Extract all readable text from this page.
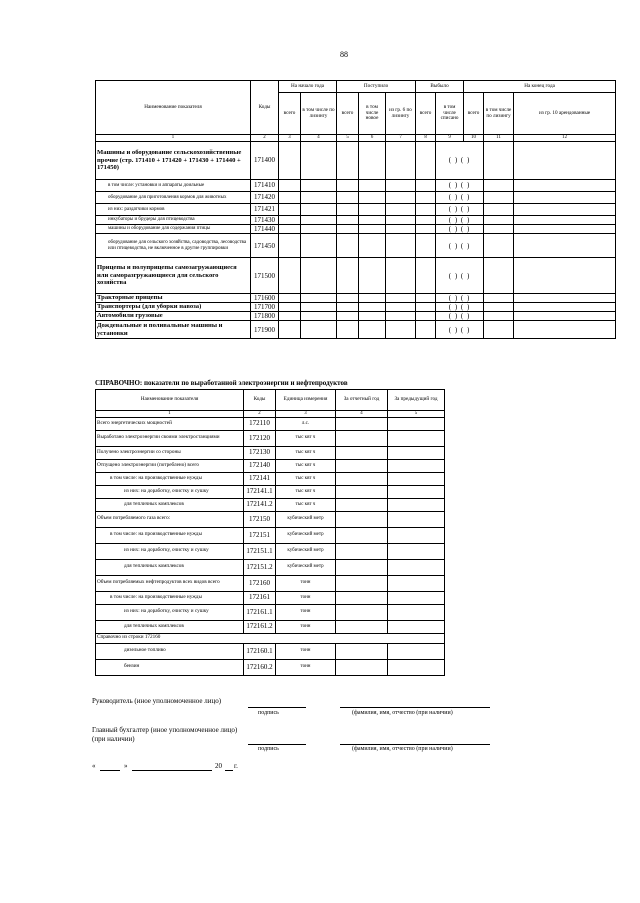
88
Наименование показателя	Коды	На начало года		Поступило			Выбыло		На конец года			
		всего	в том числе по лизингу	всего	в том числе новое	из гр. 6 по лизингу	всего	в том числе списано	всего	в том числе по лизингу	из гр. 10 арендованные	
1	2	3	4	5	6	7	8	9	10	11	12	
Машины и оборудование сельскохозяйственные прочие (стр. 171410 + 171420 + 171430 + 171440 + 171450)	171400							( ) ( )				
в том числе: установки и аппараты доильные	171410							( ) ( )				
оборудование для приготовления кормов для животных	171420							( ) ( )				
из них: раздатчики кормов	171421							( ) ( )				
инкубаторы и брудеры для птицеводства	171430							( ) ( )				
машины и оборудование для содержания птицы	171440							( ) ( )				
оборудование для сельского хозяйства, садоводства, лесоводства или птицеводства, не включенное в другие группировки	171450							( ) ( )				
Прицепы и полуприцепы самозагружающиеся или саморазгружающиеся для сельского хозяйства	171500							( ) ( )				
Тракторные прицепы	171600							( ) ( )				
Транспортеры (для уборки навоза)	171700							( ) ( )				
Автомобили грузовые	171800							( ) ( )				
Дождевальные и поливальные машины и установки	171900							( ) ( )				
СПРАВОЧНО: показатели по выработанной электроэнергии и нефтепродуктов
Наименование показателя	Коды	Единица измерения	За отчетный год	За предыдущий год
1	2	3	4	5
Всего энергетических мощностей	172110	л.с.		
Выработано электроэнергии своими электростанциями	172120	тыс квт ч		
Получено электроэнергии со стороны	172130	тыс квт ч		
Отпущено электроэнергии (потреблено) всего	172140	тыс квт ч		
в том числе: на производственные нужды	172141	тыс квт ч		
из них: на доработку, очистку и сушку	172141.1	тыс квт ч		
для тепличных комплексов	172141.2	тыс квт ч		
Объем потребляемого газа всего:	172150	кубический метр		
в том числе: на производственные нужды	172151	кубический метр		
из них: на доработку, очистку и сушку	172151.1	кубический метр		
для тепличных комплексов	172151.2	кубический метр		
Объем потребляемых нефтепродуктов всех видов всего	172160	тонн		
в том числе: на производственные нужды	172161	тонн		
из них: на доработку, очистку и сушку	172161.1	тонн		
для тепличных комплексов	172161.2	тонн		
Справочно из строки 172160				
дизельное топливо	172160.1	тонн		
бензин	172160.2	тонн		
Руководитель (иное уполномоченное лицо)
подпись	(фамилия, имя, отчество (при наличии)
Главный бухгалтер (иное уполномоченное лицо) (при наличии)
подпись	(фамилия, имя, отчество (при наличии)
«	»	20 г.
